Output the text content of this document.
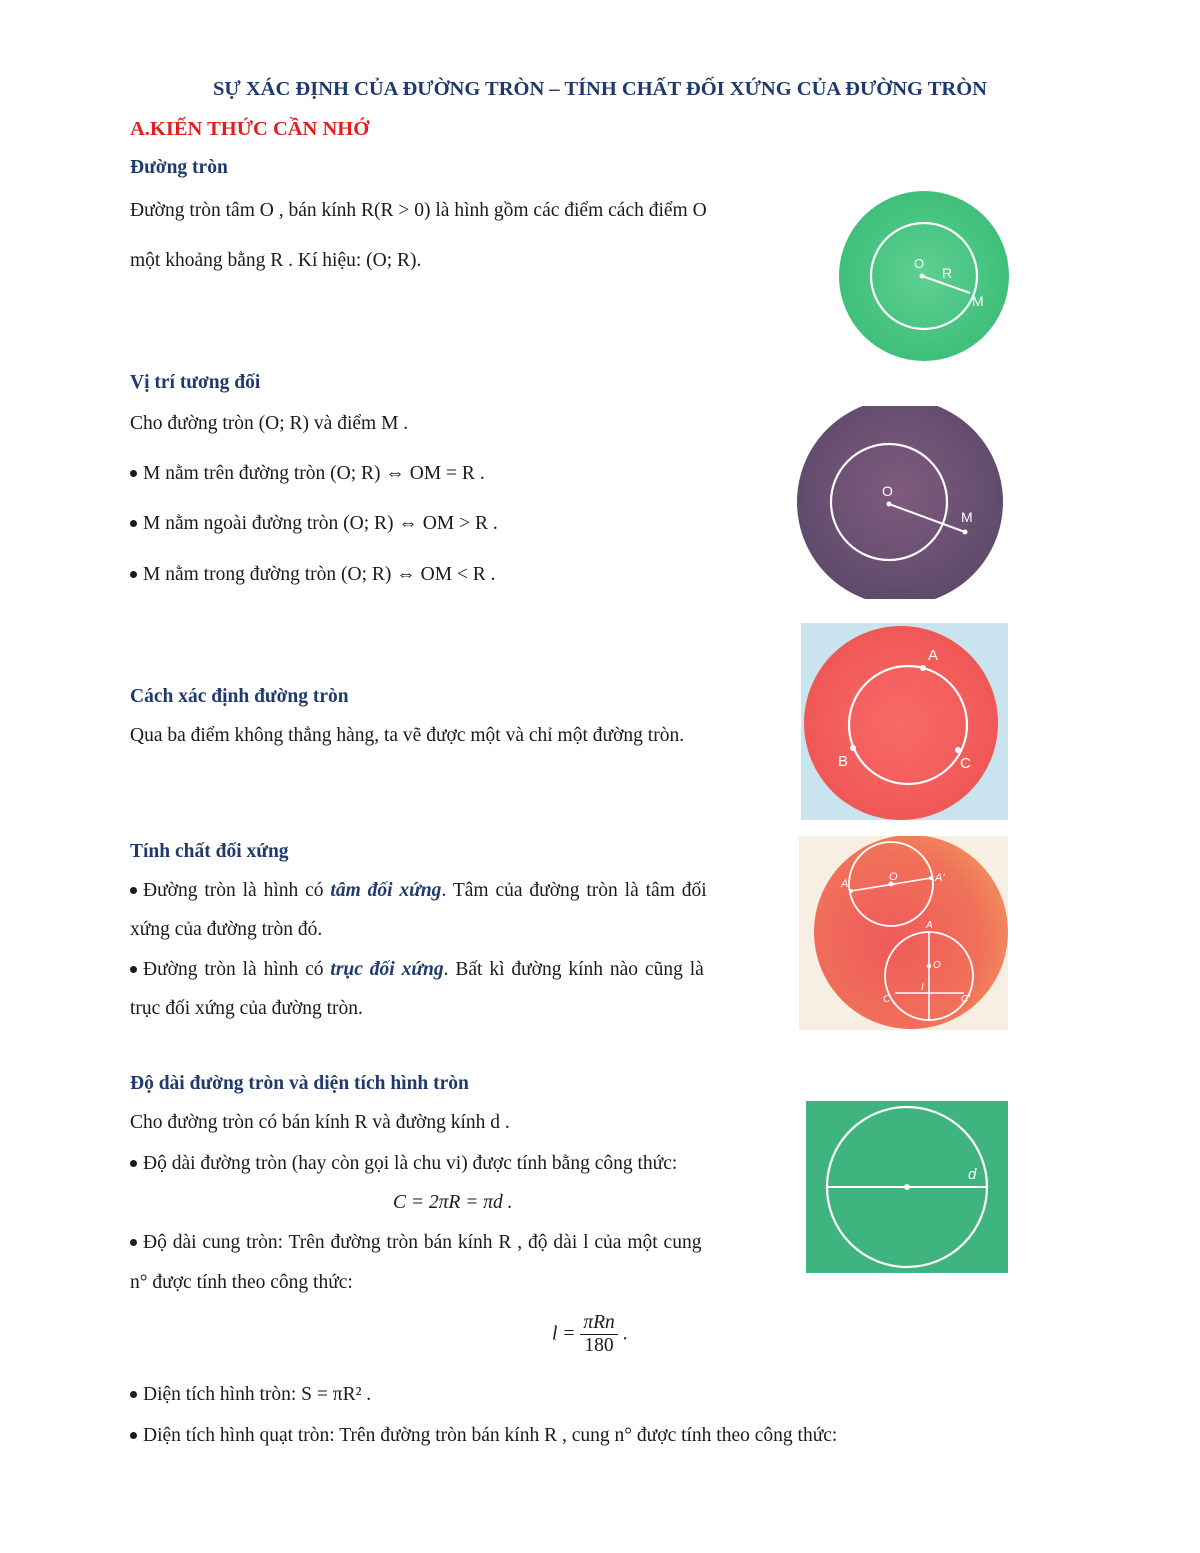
SỰ XÁC ĐỊNH CỦA ĐƯỜNG TRÒN – TÍNH CHẤT ĐỐI XỨNG CỦA ĐƯỜNG TRÒN
A.KIẾN THỨC CẦN NHỚ
Đường tròn
Đường tròn tâm O , bán kính R(R > 0) là hình gồm các điểm cách điểm O
một khoảng bằng R . Kí hiệu: (O; R).	O
R
M
Vị trí tương đối
Cho đường tròn (O; R) và điểm M .
M nằm trên đường tròn (O; R) ⇔ OM = R .
M nằm ngoài đường tròn (O; R) ⇔ OM > R .
M nằm trong đường tròn (O; R) ⇔ OM < R .
O
M
Cách xác định đường tròn
Qua ba điểm không thẳng hàng, ta vẽ được một và chỉ một đường tròn.
A
B	C
Tính chất đối xứng
Đường tròn là hình có tâm đối xứng. Tâm của đường tròn là tâm đối
xứng của đường tròn đó.
Đường tròn là hình có trục đối xứng. Bất kì đường kính nào cũng là
trục đối xứng của đường tròn.
A
O	A'
A
O
C	C'
I
Độ dài đường tròn và diện tích hình tròn
Cho đường tròn có bán kính R và đường kính d .
Độ dài đường tròn (hay còn gọi là chu vi) được tính bằng công thức:
C = 2πR = πd .
Độ dài cung tròn: Trên đường tròn bán kính R , độ dài l của một cung
n° được tính theo công thức:
$l = \frac{\text{πRn}}{180}$ .
Diện tích hình tròn: S = πR² .
Diện tích hình quạt tròn: Trên đường tròn bán kính R , cung n° được tính theo công thức:
d
